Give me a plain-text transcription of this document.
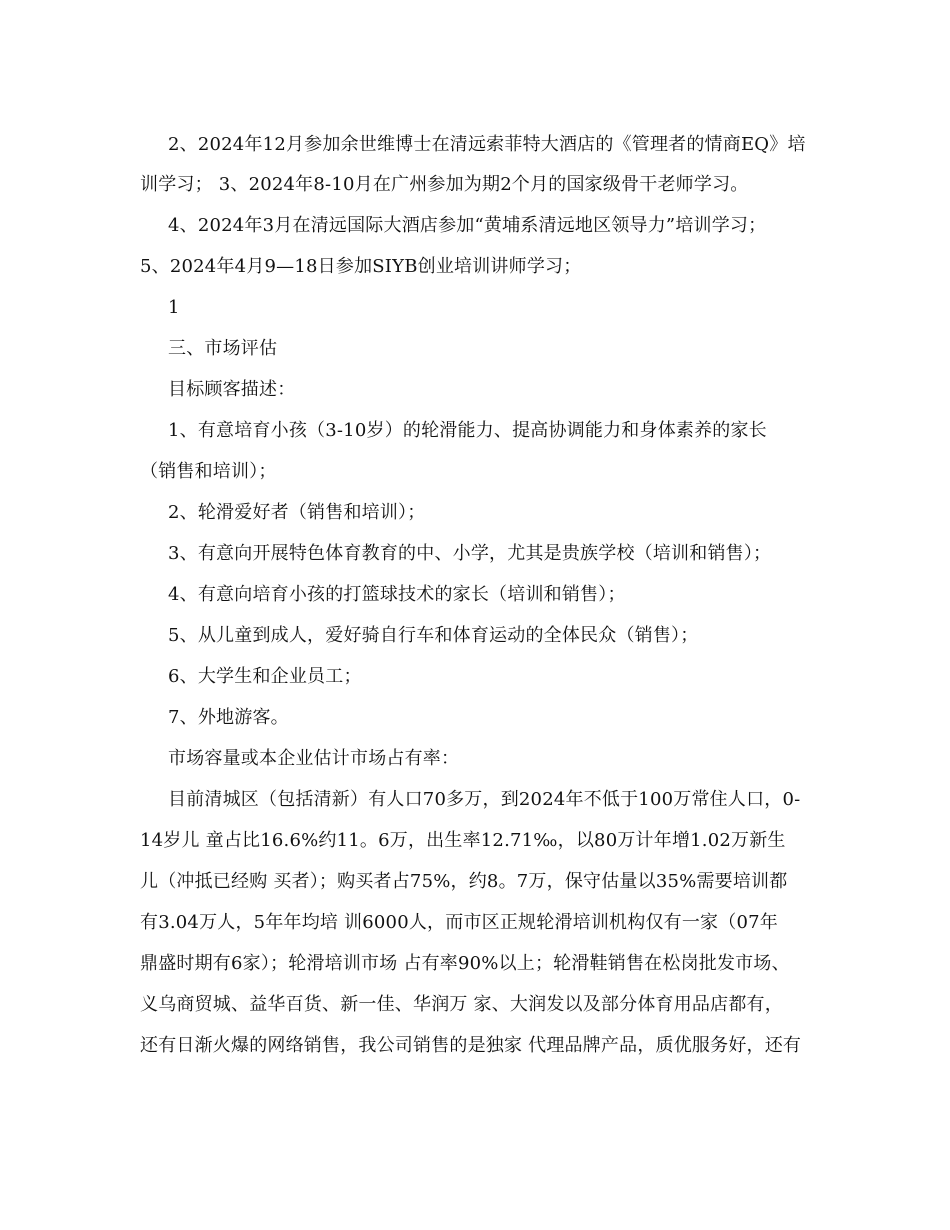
2、2024年12月参加余世维博士在清远索菲特大酒店的《管理者的情商EQ》培
训学习； 3、2024年8-10月在广州参加为期2个月的国家级骨干老师学习。
4、2024年3月在清远国际大酒店参加“黄埔系清远地区领导力”培训学习；
5、2024年4月9—18日参加SIYB创业培训讲师学习；
1
三、市场评估
目标顾客描述：
1、有意培育小孩（3-10岁）的轮滑能力、提高协调能力和身体素养的家长
（销售和培训）；
2、轮滑爱好者（销售和培训）；
3、有意向开展特色体育教育的中、小学，尤其是贵族学校（培训和销售）；
4、有意向培育小孩的打篮球技术的家长（培训和销售）；
5、从儿童到成人，爱好骑自行车和体育运动的全体民众（销售）；
6、大学生和企业员工；
7、外地游客。
市场容量或本企业估计市场占有率：
目前清城区（包括清新）有人口70多万，到2024年不低于100万常住人口，0-
14岁儿 童占比16.6%约11。6万，出生率12.71‰，以80万计年增1.02万新生
儿（冲抵已经购 买者）；购买者占75%，约8。7万，保守估量以35%需要培训都
有3.04万人，5年年均培 训6000人，而市区正规轮滑培训机构仅有一家（07年
鼎盛时期有6家）；轮滑培训市场 占有率90%以上；轮滑鞋销售在松岗批发市场、
义乌商贸城、益华百货、新一佳、华润万 家、大润发以及部分体育用品店都有，
还有日渐火爆的网络销售，我公司销售的是独家 代理品牌产品，质优服务好，还有
